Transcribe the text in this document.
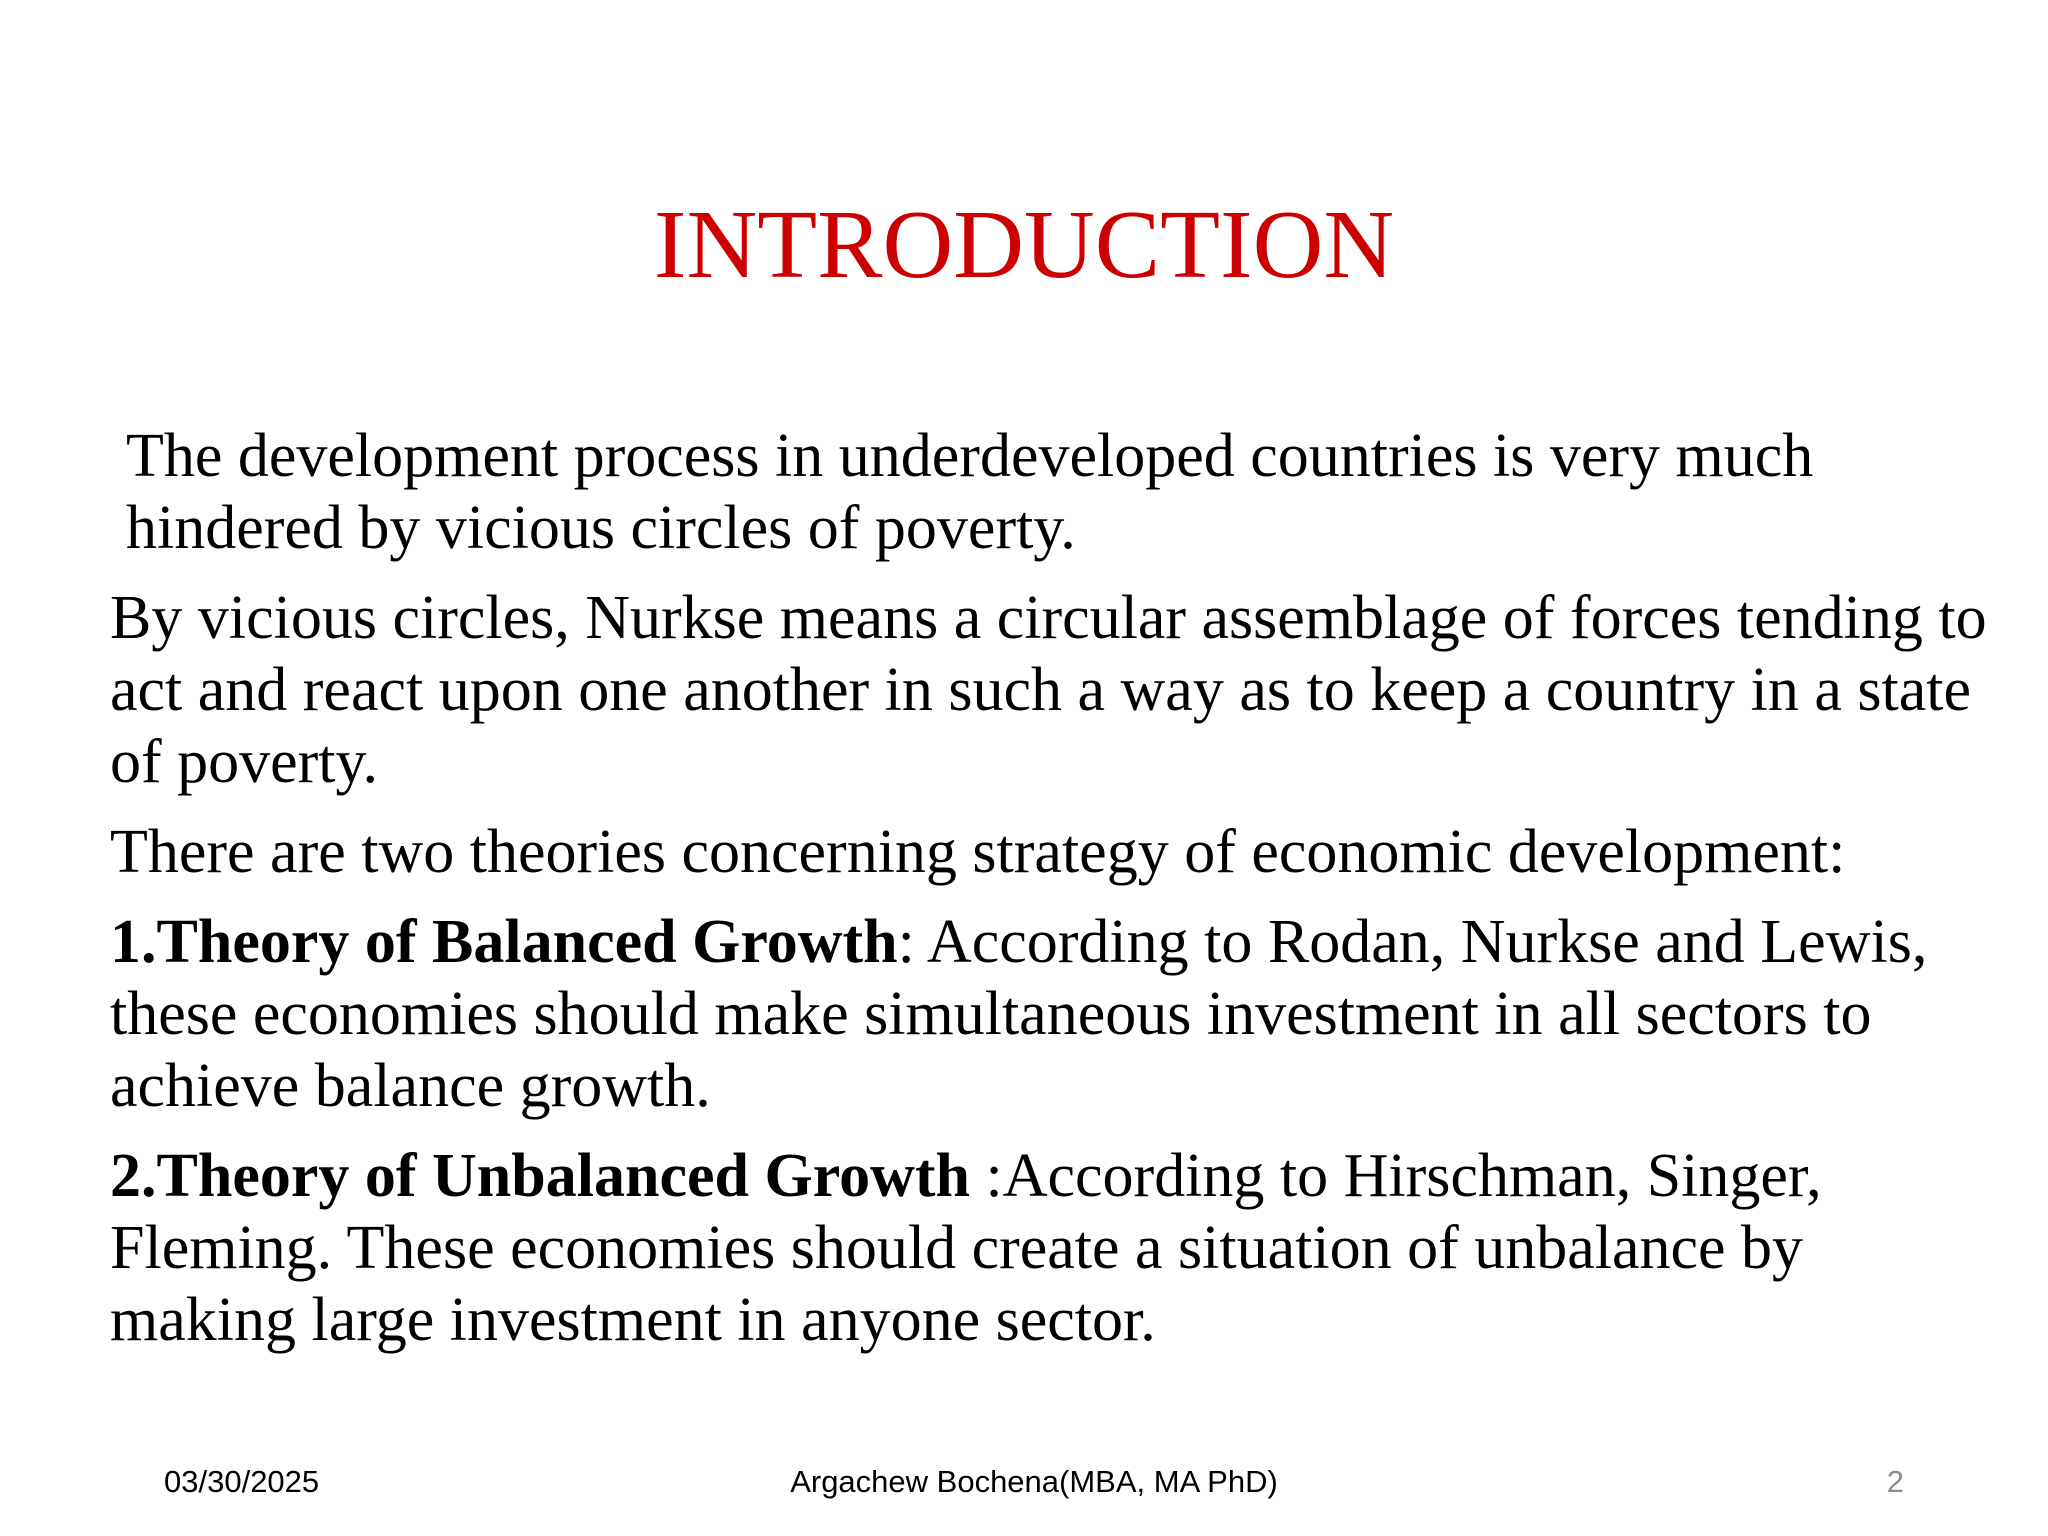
INTRODUCTION

The development process in underdeveloped countries is very much hindered by vicious circles of poverty.

By vicious circles, Nurkse means a circular assemblage of forces tending to act and react upon one another in such a way as to keep a country in a state of poverty.

There are two theories concerning strategy of economic development:

1.Theory of Balanced Growth: According to Rodan, Nurkse and Lewis, these economies should make simultaneous investment in all sectors to achieve balance growth.

2.Theory of Unbalanced Growth :According to Hirschman, Singer, Fleming. These economies should create a situation of unbalance by making large investment in anyone sector.

03/30/2025	Argachew Bochena(MBA, MA PhD)	2
